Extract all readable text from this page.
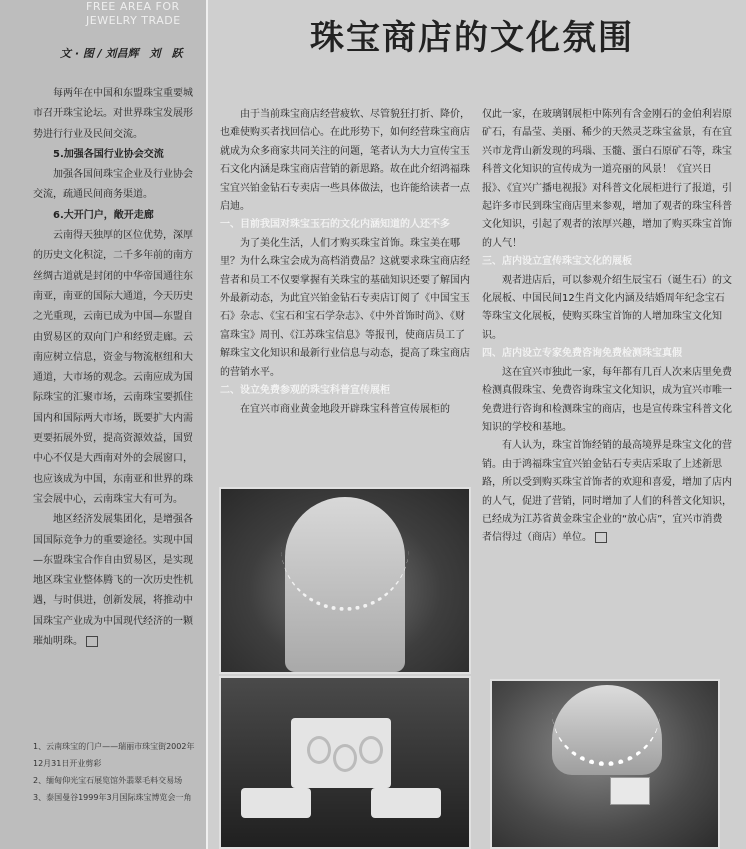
FREE AREA FOR
JEWELRY TRADE
文 · 图 / 刘昌辉　刘　跃	珠宝商店的文化氛围

每两年在中国和东盟珠宝重要城市召开珠宝论坛。对世界珠宝发展形势进行行业及民间交流。

5.加强各国行业协会交流

加强各国间珠宝企业及行业协会交流，疏通民间商务渠道。

6.大开门户，敞开走廊

云南得天独厚的区位优势，深厚的历史文化积淀，二千多年前的南方丝绸古道就是封闭的中华帝国通往东南亚，南亚的国际大通道，今天历史之光重现，云南已成为中国—东盟自由贸易区的双向门户和经贸走廊。云南应树立信息，资金与物流枢纽和大通道，大市场的观念。云南应成为国际珠宝的汇聚市场，云南珠宝要抓住国内和国际两大市场，既要扩大内需更要拓展外贸，提高资源效益，国贸中心不仅是大西南对外的会展窗口，也应该成为中国，东南亚和世界的珠宝会展中心，云南珠宝大有可为。

地区经济发展集团化，是增强各国国际竞争力的重要途径。实现中国—东盟珠宝合作自由贸易区，是实现地区珠宝业整体腾飞的一次历史性机遇，与时俱进，创新发展，将推动中国珠宝产业成为中国现代经济的一颗璀灿明珠。

1、云南珠宝的门户——瑞丽市珠宝街2002年12月31日开业剪彩

2、缅甸仰光宝石展览馆外翡翠毛料交易场

3、泰国曼谷1999年3月国际珠宝博览会一角

由于当前珠宝商店经营疲软、尽管貌狂打折、降价，也难使购买者找回信心。在此形势下，如何经营珠宝商店就成为众多商家共同关注的问题，笔者认为大力宣传宝玉石文化内涵是珠宝商店营销的新思路。故在此介绍鸿福珠宝宜兴铂金钻石专卖店一些具体做法，也许能给读者一点启迪。

一、目前我国对珠宝玉石的文化内涵知道的人还不多

为了美化生活，人们才购买珠宝首饰。珠宝美在哪里？为什么珠宝会成为高档消费品？这就要求珠宝商店经营者和员工不仅要掌握有关珠宝的基础知识还要了解国内外最新动态，为此宜兴铂金钻石专卖店订阅了《中国宝玉石》杂志、《宝石和宝石学杂志》、《中外首饰时尚》、《财富珠宝》周刊、《江苏珠宝信息》等报刊，使商店员工了解珠宝文化知识和最新行业信息与动态，提高了珠宝商店的营销水平。

二、设立免费参观的珠宝科普宣传展柜

在宜兴市商业黄金地段开辟珠宝科普宣传展柜的

仅此一家，在玻璃钢展柜中陈列有含金刚石的金伯利岩原矿石，有晶莹、美丽、稀少的天然灵芝珠宝盆景，有在宜兴市龙背山新发现的玛瑙、玉髓、蛋白石原矿石等，珠宝科普文化知识的宣传成为一道亮丽的风景！《宜兴日报》、《宜兴广播电视报》对科普文化展柜进行了报道，引起许多市民到珠宝商店里来参观，增加了观者的珠宝科普文化知识，引起了观者的浓厚兴趣，增加了购买珠宝首饰的人气！

三、店内设立宣传珠宝文化的展板

观者进店后，可以参观介绍生辰宝石（诞生石）的文化展板、中国民间12生肖文化内涵及结婚周年纪念宝石等珠宝文化展板，使购买珠宝首饰的人增加珠宝文化知识。

四、店内设立专家免费咨询免费检测珠宝真假

这在宜兴市独此一家，每年都有几百人次来店里免费检测真假珠宝、免费咨询珠宝文化知识，成为宜兴市唯一免费进行咨询和检测珠宝的商店，也是宣传珠宝科普文化知识的学校和基地。

有人认为，珠宝首饰经销的最高境界是珠宝文化的营销。由于鸿福珠宝宜兴铂金钻石专卖店采取了上述新思路，所以受到购买珠宝首饰者的欢迎和喜爱，增加了店内的人气，促进了营销，同时增加了人们的科普文化知识，已经成为江苏省黄金珠宝企业的“放心店”，宜兴市消费者信得过（商店）单位。
